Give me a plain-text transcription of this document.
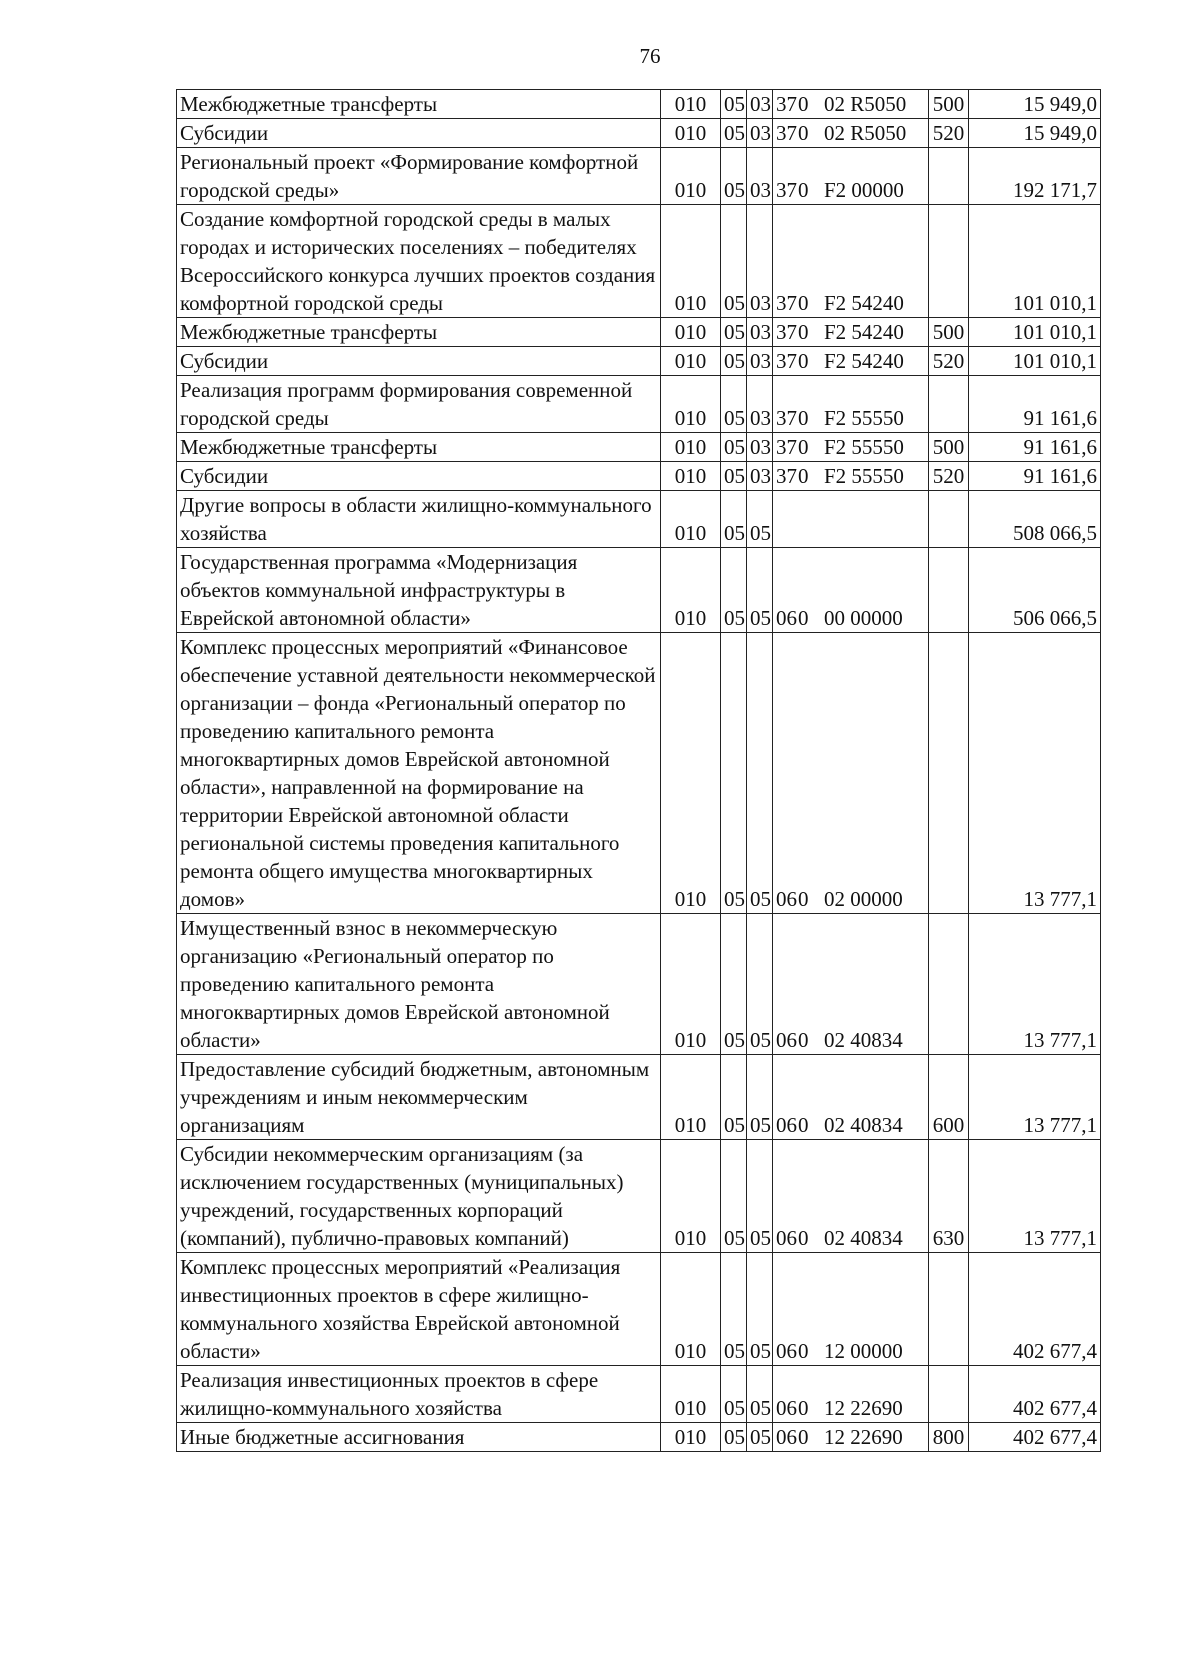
76
Межбюджетные трансферты	010	05	03	370 02 R5050	500	15 949,0
Субсидии	010	05	03	370 02 R5050	520	15 949,0
Региональный проект «Формирование комфортной городской среды»	010	05	03	370 F2 00000		192 171,7
Создание комфортной городской среды в малых городах и исторических поселениях – победителях Всероссийского конкурса лучших проектов создания комфортной городской среды	010	05	03	370 F2 54240		101 010,1
Межбюджетные трансферты	010	05	03	370 F2 54240	500	101 010,1
Субсидии	010	05	03	370 F2 54240	520	101 010,1
Реализация программ формирования современной городской среды	010	05	03	370 F2 55550		91 161,6
Межбюджетные трансферты	010	05	03	370 F2 55550	500	91 161,6
Субсидии	010	05	03	370 F2 55550	520	91 161,6
Другие вопросы в области жилищно-коммунального хозяйства	010	05	05			508 066,5
Государственная программа «Модернизация объектов коммунальной инфраструктуры в Еврейской автономной области»	010	05	05	060 00 00000		506 066,5
Комплекс процессных мероприятий «Финансовое обеспечение уставной деятельности некоммерческой организации – фонда «Региональный оператор по проведению капитального ремонта многоквартирных домов Еврейской автономной области», направленной на формирование на территории Еврейской автономной области региональной системы проведения капитального ремонта общего имущества многоквартирных домов»	010	05	05	060 02 00000		13 777,1
Имущественный взнос в некоммерческую организацию «Региональный оператор по проведению капитального ремонта многоквартирных домов Еврейской автономной области»	010	05	05	060 02 40834		13 777,1
Предоставление субсидий бюджетным, автономным учреждениям и иным некоммерческим организациям	010	05	05	060 02 40834	600	13 777,1
Субсидии некоммерческим организациям (за исключением государственных (муниципальных) учреждений, государственных корпораций (компаний), публично-правовых компаний)	010	05	05	060 02 40834	630	13 777,1
Комплекс процессных мероприятий «Реализация инвестиционных проектов в сфере жилищно-коммунального хозяйства Еврейской автономной области»	010	05	05	060 12 00000		402 677,4
Реализация инвестиционных проектов в сфере жилищно-коммунального хозяйства	010	05	05	060 12 22690		402 677,4
Иные бюджетные ассигнования	010	05	05	060 12 22690	800	402 677,4
